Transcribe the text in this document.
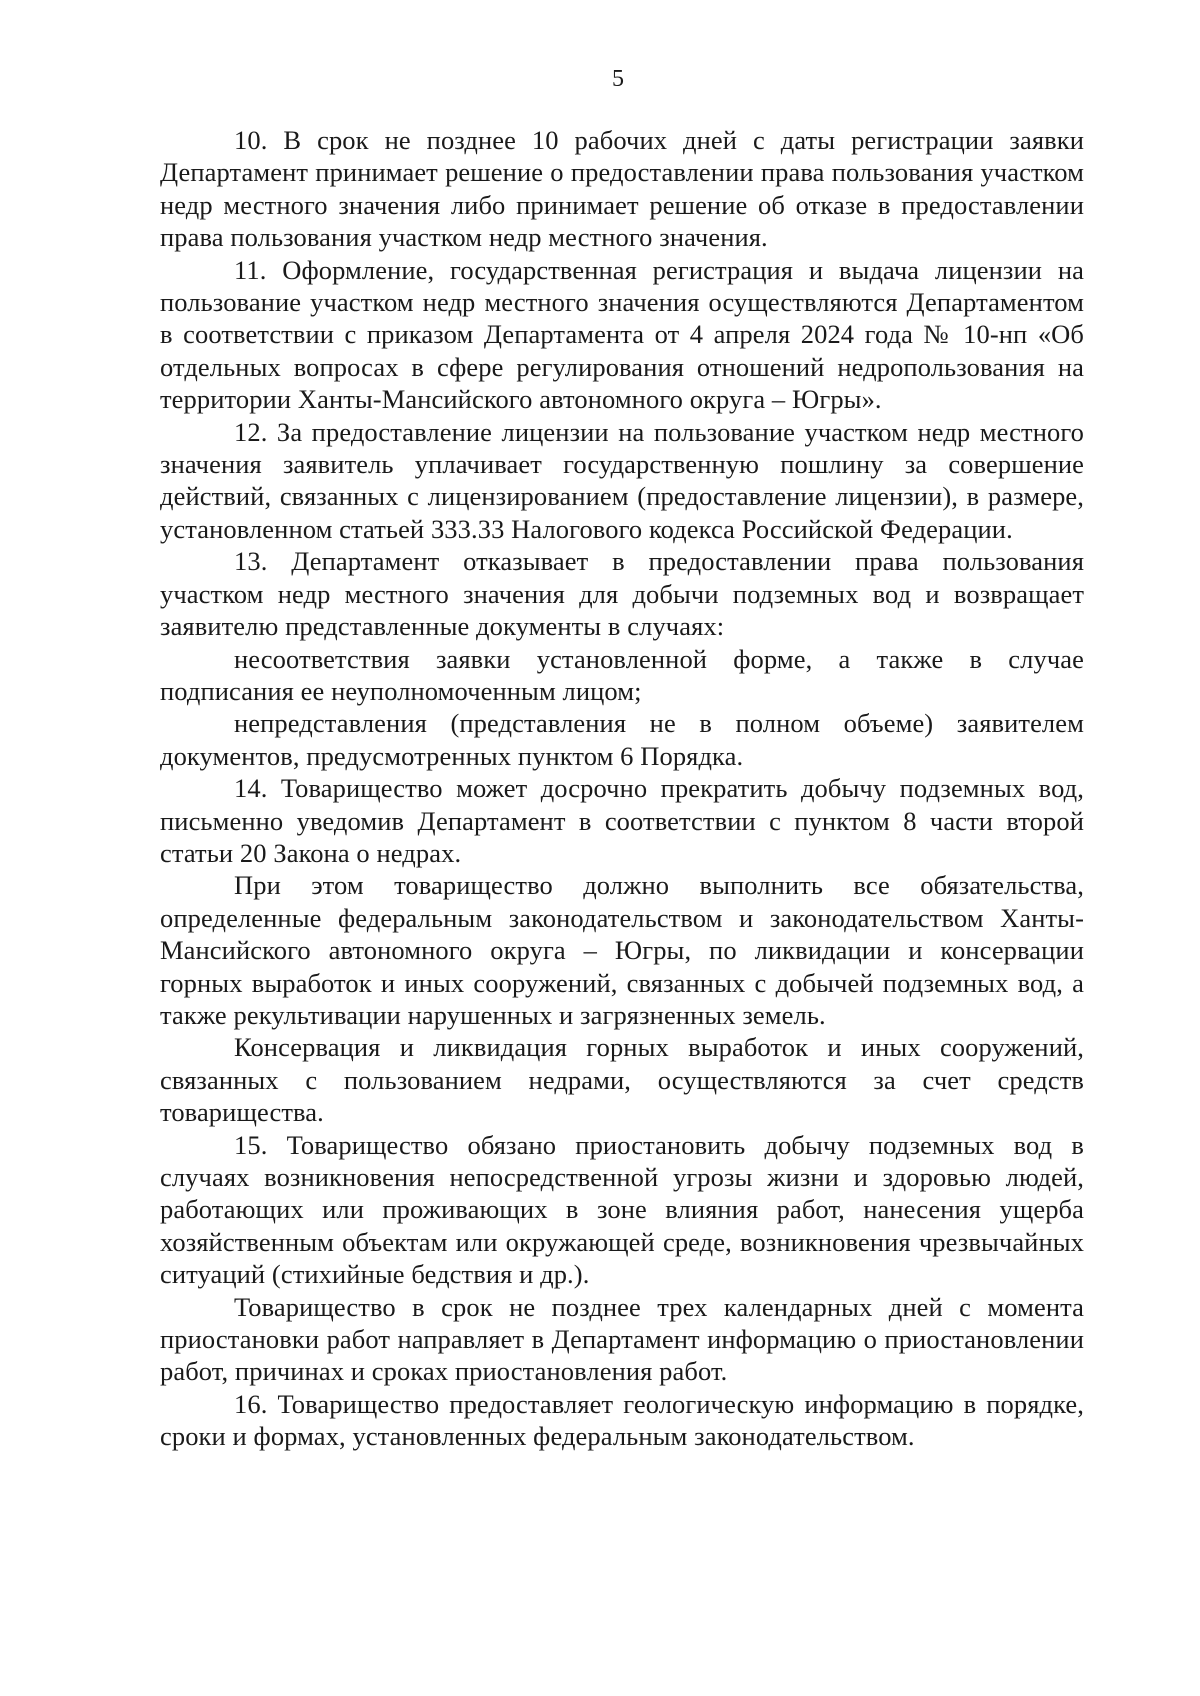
5

10. В срок не позднее 10 рабочих дней с даты регистрации заявки Департамент принимает решение о предоставлении права пользования участком недр местного значения либо принимает решение об отказе в предоставлении права пользования участком недр местного значения.

11. Оформление, государственная регистрация и выдача лицензии на пользование участком недр местного значения осуществляются Департаментом в соответствии с приказом Департамента от 4 апреля 2024 года № 10-нп «Об отдельных вопросах в сфере регулирования отношений недропользования на территории Ханты-Мансийского автономного округа – Югры».

12. За предоставление лицензии на пользование участком недр местного значения заявитель уплачивает государственную пошлину за совершение действий, связанных с лицензированием (предоставление лицензии), в размере, установленном статьей 333.33 Налогового кодекса Российской Федерации.

13. Департамент отказывает в предоставлении права пользования участком недр местного значения для добычи подземных вод и возвращает заявителю представленные документы в случаях:

несоответствия заявки установленной форме, а также в случае подписания ее неуполномоченным лицом;

непредставления (представления не в полном объеме) заявителем документов, предусмотренных пунктом 6 Порядка.

14. Товарищество может досрочно прекратить добычу подземных вод, письменно уведомив Департамент в соответствии с пунктом 8 части второй статьи 20 Закона о недрах.

При этом товарищество должно выполнить все обязательства, определенные федеральным законодательством и законодательством Ханты-Мансийского автономного округа – Югры, по ликвидации и консервации горных выработок и иных сооружений, связанных с добычей подземных вод, а также рекультивации нарушенных и загрязненных земель.

Консервация и ликвидация горных выработок и иных сооружений, связанных с пользованием недрами, осуществляются за счет средств товарищества.

15. Товарищество обязано приостановить добычу подземных вод в случаях возникновения непосредственной угрозы жизни и здоровью людей, работающих или проживающих в зоне влияния работ, нанесения ущерба хозяйственным объектам или окружающей среде, возникновения чрезвычайных ситуаций (стихийные бедствия и др.).

Товарищество в срок не позднее трех календарных дней с момента приостановки работ направляет в Департамент информацию о приостановлении работ, причинах и сроках приостановления работ.

16. Товарищество предоставляет геологическую информацию в порядке, сроки и формах, установленных федеральным законодательством.
